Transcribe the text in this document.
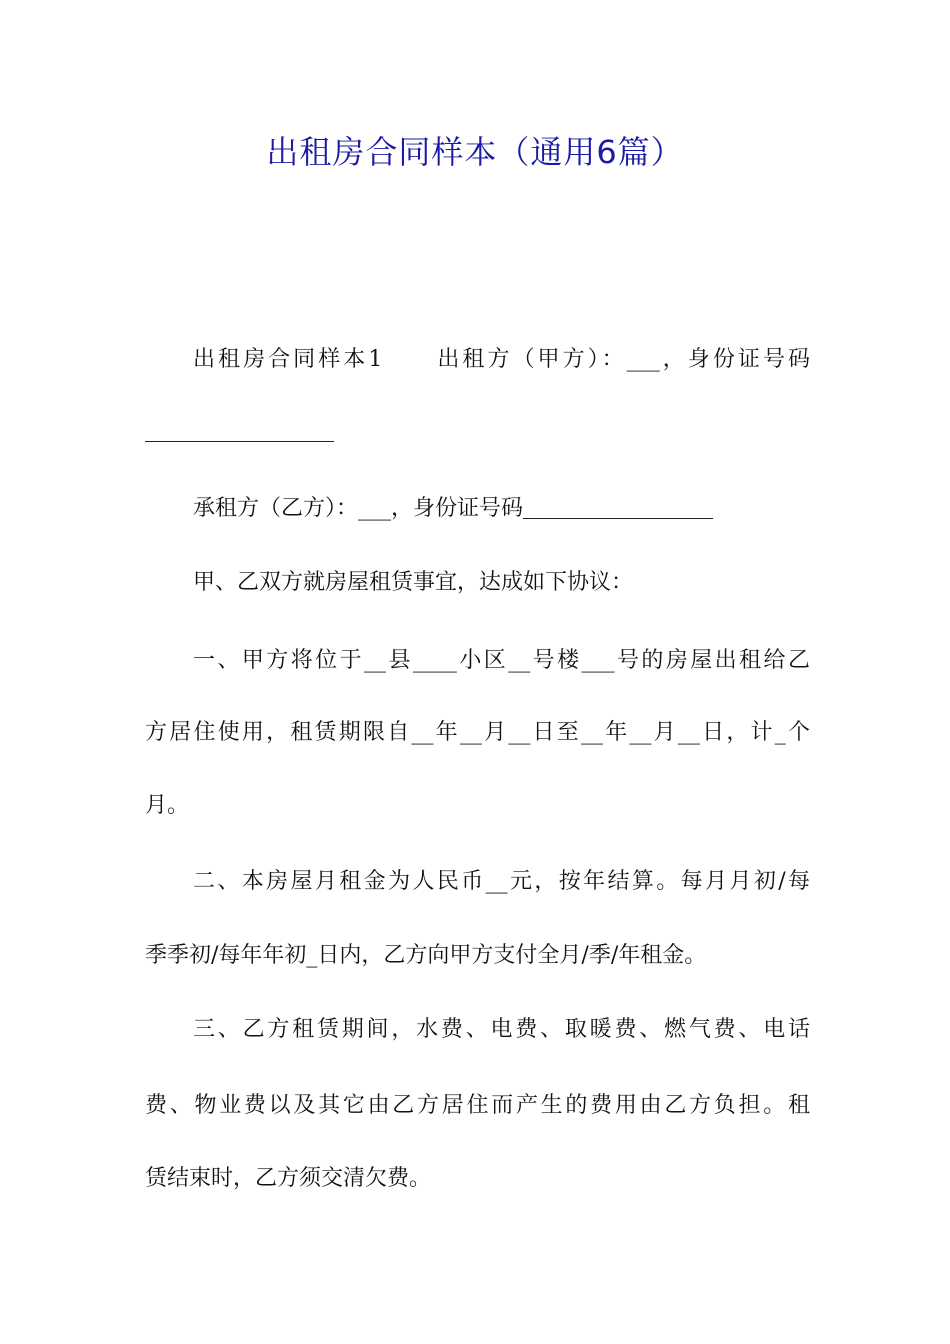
出租房合同样本（通用6篇）
出租房合同样本1 出租方（甲方）：___，身份证号码
承租方（乙方）：___，身份证号码
甲、乙双方就房屋租赁事宜，达成如下协议：
一、甲方将位于__县____小区__号楼___号的房屋出租给乙
方居住使用，租赁期限自__年__月__日至__年__月__日，计_个
月。
二、本房屋月租金为人民币__元，按年结算。每月月初/每
季季初/每年年初_日内，乙方向甲方支付全月/季/年租金。
三、乙方租赁期间，水费、电费、取暖费、燃气费、电话
费、物业费以及其它由乙方居住而产生的费用由乙方负担。租
赁结束时，乙方须交清欠费。
